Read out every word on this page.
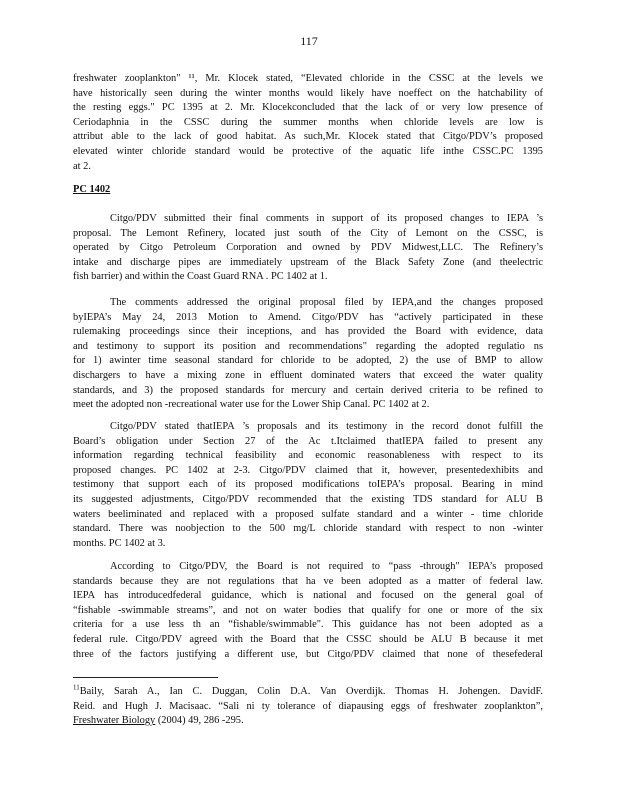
117
freshwater zooplankton" ¹¹, Mr. Klocek stated, “Elevated chloride in the CSSC at the levels we
have historically seen during the winter months would likely have noeffect on the hatchability of
the resting eggs." PC 1395 at 2. Mr. Klocekconcluded that the lack of or very low presence of
Ceriodaphnia in the CSSC during the summer months when chloride levels are low is
attribut able to the lack of good habitat. As such,Mr. Klocek stated that Citgo/PDV’s proposed
elevated winter chloride standard would be protective of the aquatic life inthe CSSC.PC 1395
at 2.
PC 1402
Citgo/PDV submitted their final comments in support of its proposed changes to IEPA ’s
proposal. The Lemont Refinery, located just south of the City of Lemont on the CSSC, is
operated by Citgo Petroleum Corporation and owned by PDV Midwest,LLC. The Refinery’s
intake and discharge pipes are immediately upstream of the Black Safety Zone (and theelectric
fish barrier) and within the Coast Guard RNA . PC 1402 at 1.
The comments addressed the original proposal filed by IEPA,and the changes proposed
byIEPA’s May 24, 2013 Motion to Amend. Citgo/PDV has “actively participated in these
rulemaking proceedings since their inceptions, and has provided the Board with evidence, data
and testimony to support its position and recommendations" regarding the adopted regulatio ns
for 1) awinter time seasonal standard for chloride to be adopted, 2) the use of BMP to allow
dischargers to have a mixing zone in effluent dominated waters that exceed the water quality
standards, and 3) the proposed standards for mercury and certain derived criteria to be refined to
meet the adopted non -recreational water use for the Lower Ship Canal. PC 1402 at 2.
Citgo/PDV stated thatIEPA ’s proposals and its testimony in the record donot fulfill the
Board’s obligation under Section 27 of the Ac t.Itclaimed thatIEPA failed to present any
information regarding technical feasibility and economic reasonableness with respect to its
proposed changes. PC 1402 at 2-3. Citgo/PDV claimed that it, however, presentedexhibits and
testimony that support each of its proposed modifications toIEPA’s proposal. Bearing in mind
its suggested adjustments, Citgo/PDV recommended that the existing TDS standard for ALU B
waters beeliminated and replaced with a proposed sulfate standard and a winter - time chloride
standard. There was noobjection to the 500 mg/L chloride standard with respect to non -winter
months. PC 1402 at 3.
According to Citgo/PDV, the Board is not required to “pass -through" IEPA’s proposed
standards because they are not regulations that ha ve been adopted as a matter of federal law.
IEPA has introducedfederal guidance, which is national and focused on the general goal of
“fishable -swimmable streams”, and not on water bodies that qualify for one or more of the six
criteria for a use less th an “fishable/swimmable". This guidance has not been adopted as a
federal rule. Citgo/PDV agreed with the Board that the CSSC should be ALU B because it met
three of the factors justifying a different use, but Citgo/PDV claimed that none of thesefederal
$^{11}$Baily, Sarah A., Ian C. Duggan, Colin D.A. Van Overdijk. Thomas H. Johengen. DavidF.
Reid. and Hugh J. Macisaac. “Sali ni ty tolerance of diapausing eggs of freshwater zooplankton”,
Freshwater Biology (2004) 49, 286 -295.
